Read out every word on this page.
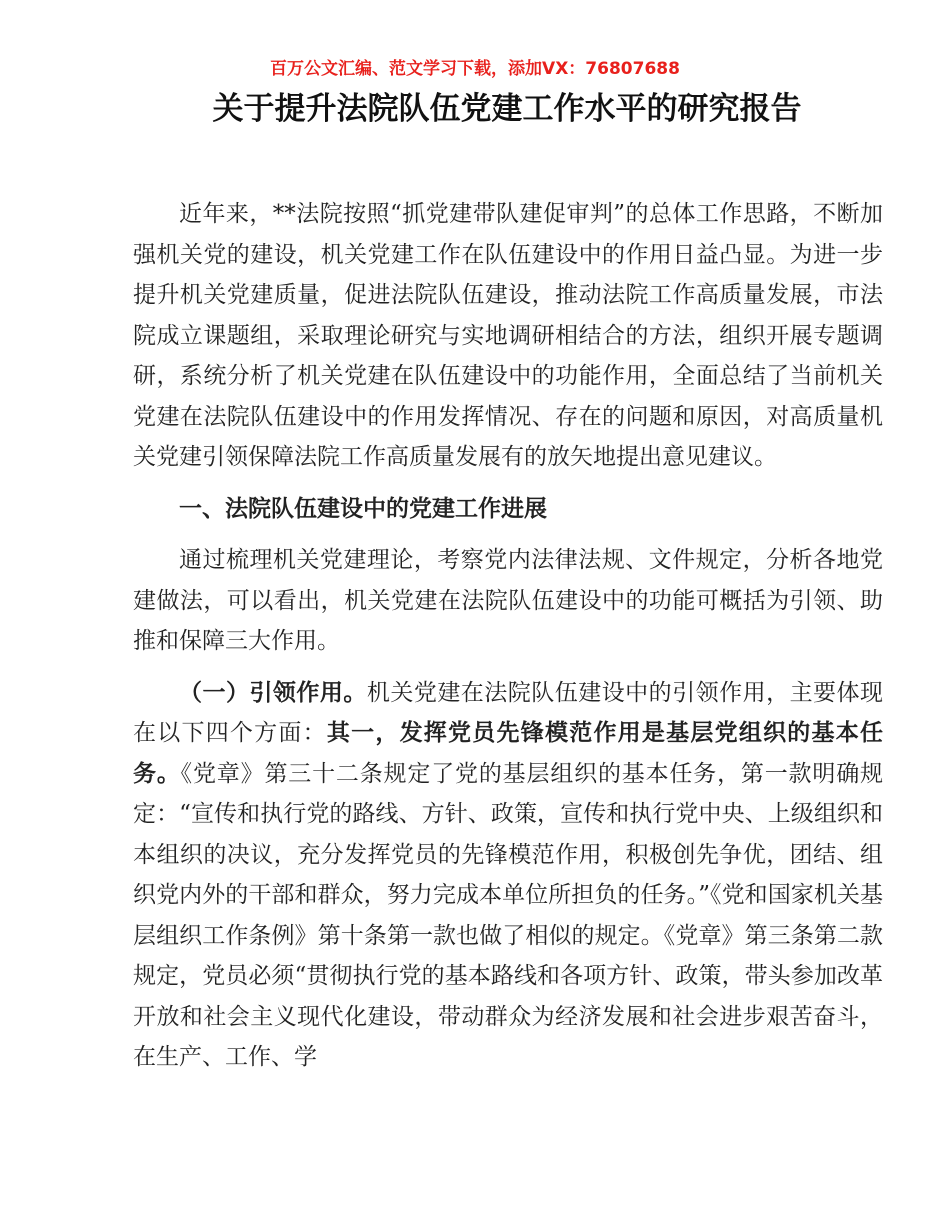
百万公文汇编、范文学习下载，添加VX：76807688
关于提升法院队伍党建工作水平的研究报告

近年来，**法院按照“抓党建带队建促审判”的总体工作思路，不断加强机关党的建设，机关党建工作在队伍建设中的作用日益凸显。为进一步提升机关党建质量，促进法院队伍建设，推动法院工作高质量发展，市法院成立课题组，采取理论研究与实地调研相结合的方法，组织开展专题调研，系统分析了机关党建在队伍建设中的功能作用，全面总结了当前机关党建在法院队伍建设中的作用发挥情况、存在的问题和原因，对高质量机关党建引领保障法院工作高质量发展有的放矢地提出意见建议。

一、法院队伍建设中的党建工作进展

通过梳理机关党建理论，考察党内法律法规、文件规定，分析各地党建做法，可以看出，机关党建在法院队伍建设中的功能可概括为引领、助推和保障三大作用。

（一）引领作用。机关党建在法院队伍建设中的引领作用，主要体现在以下四个方面：其一，发挥党员先锋模范作用是基层党组织的基本任务。《党章》第三十二条规定了党的基层组织的基本任务，第一款明确规定：“宣传和执行党的路线、方针、政策，宣传和执行党中央、上级组织和本组织的决议，充分发挥党员的先锋模范作用，积极创先争优，团结、组织党内外的干部和群众，努力完成本单位所担负的任务。”《党和国家机关基层组织工作条例》第十条第一款也做了相似的规定。《党章》第三条第二款规定，党员必须“贯彻执行党的基本路线和各项方针、政策，带头参加改革开放和社会主义现代化建设，带动群众为经济发展和社会进步艰苦奋斗，在生产、工作、学
